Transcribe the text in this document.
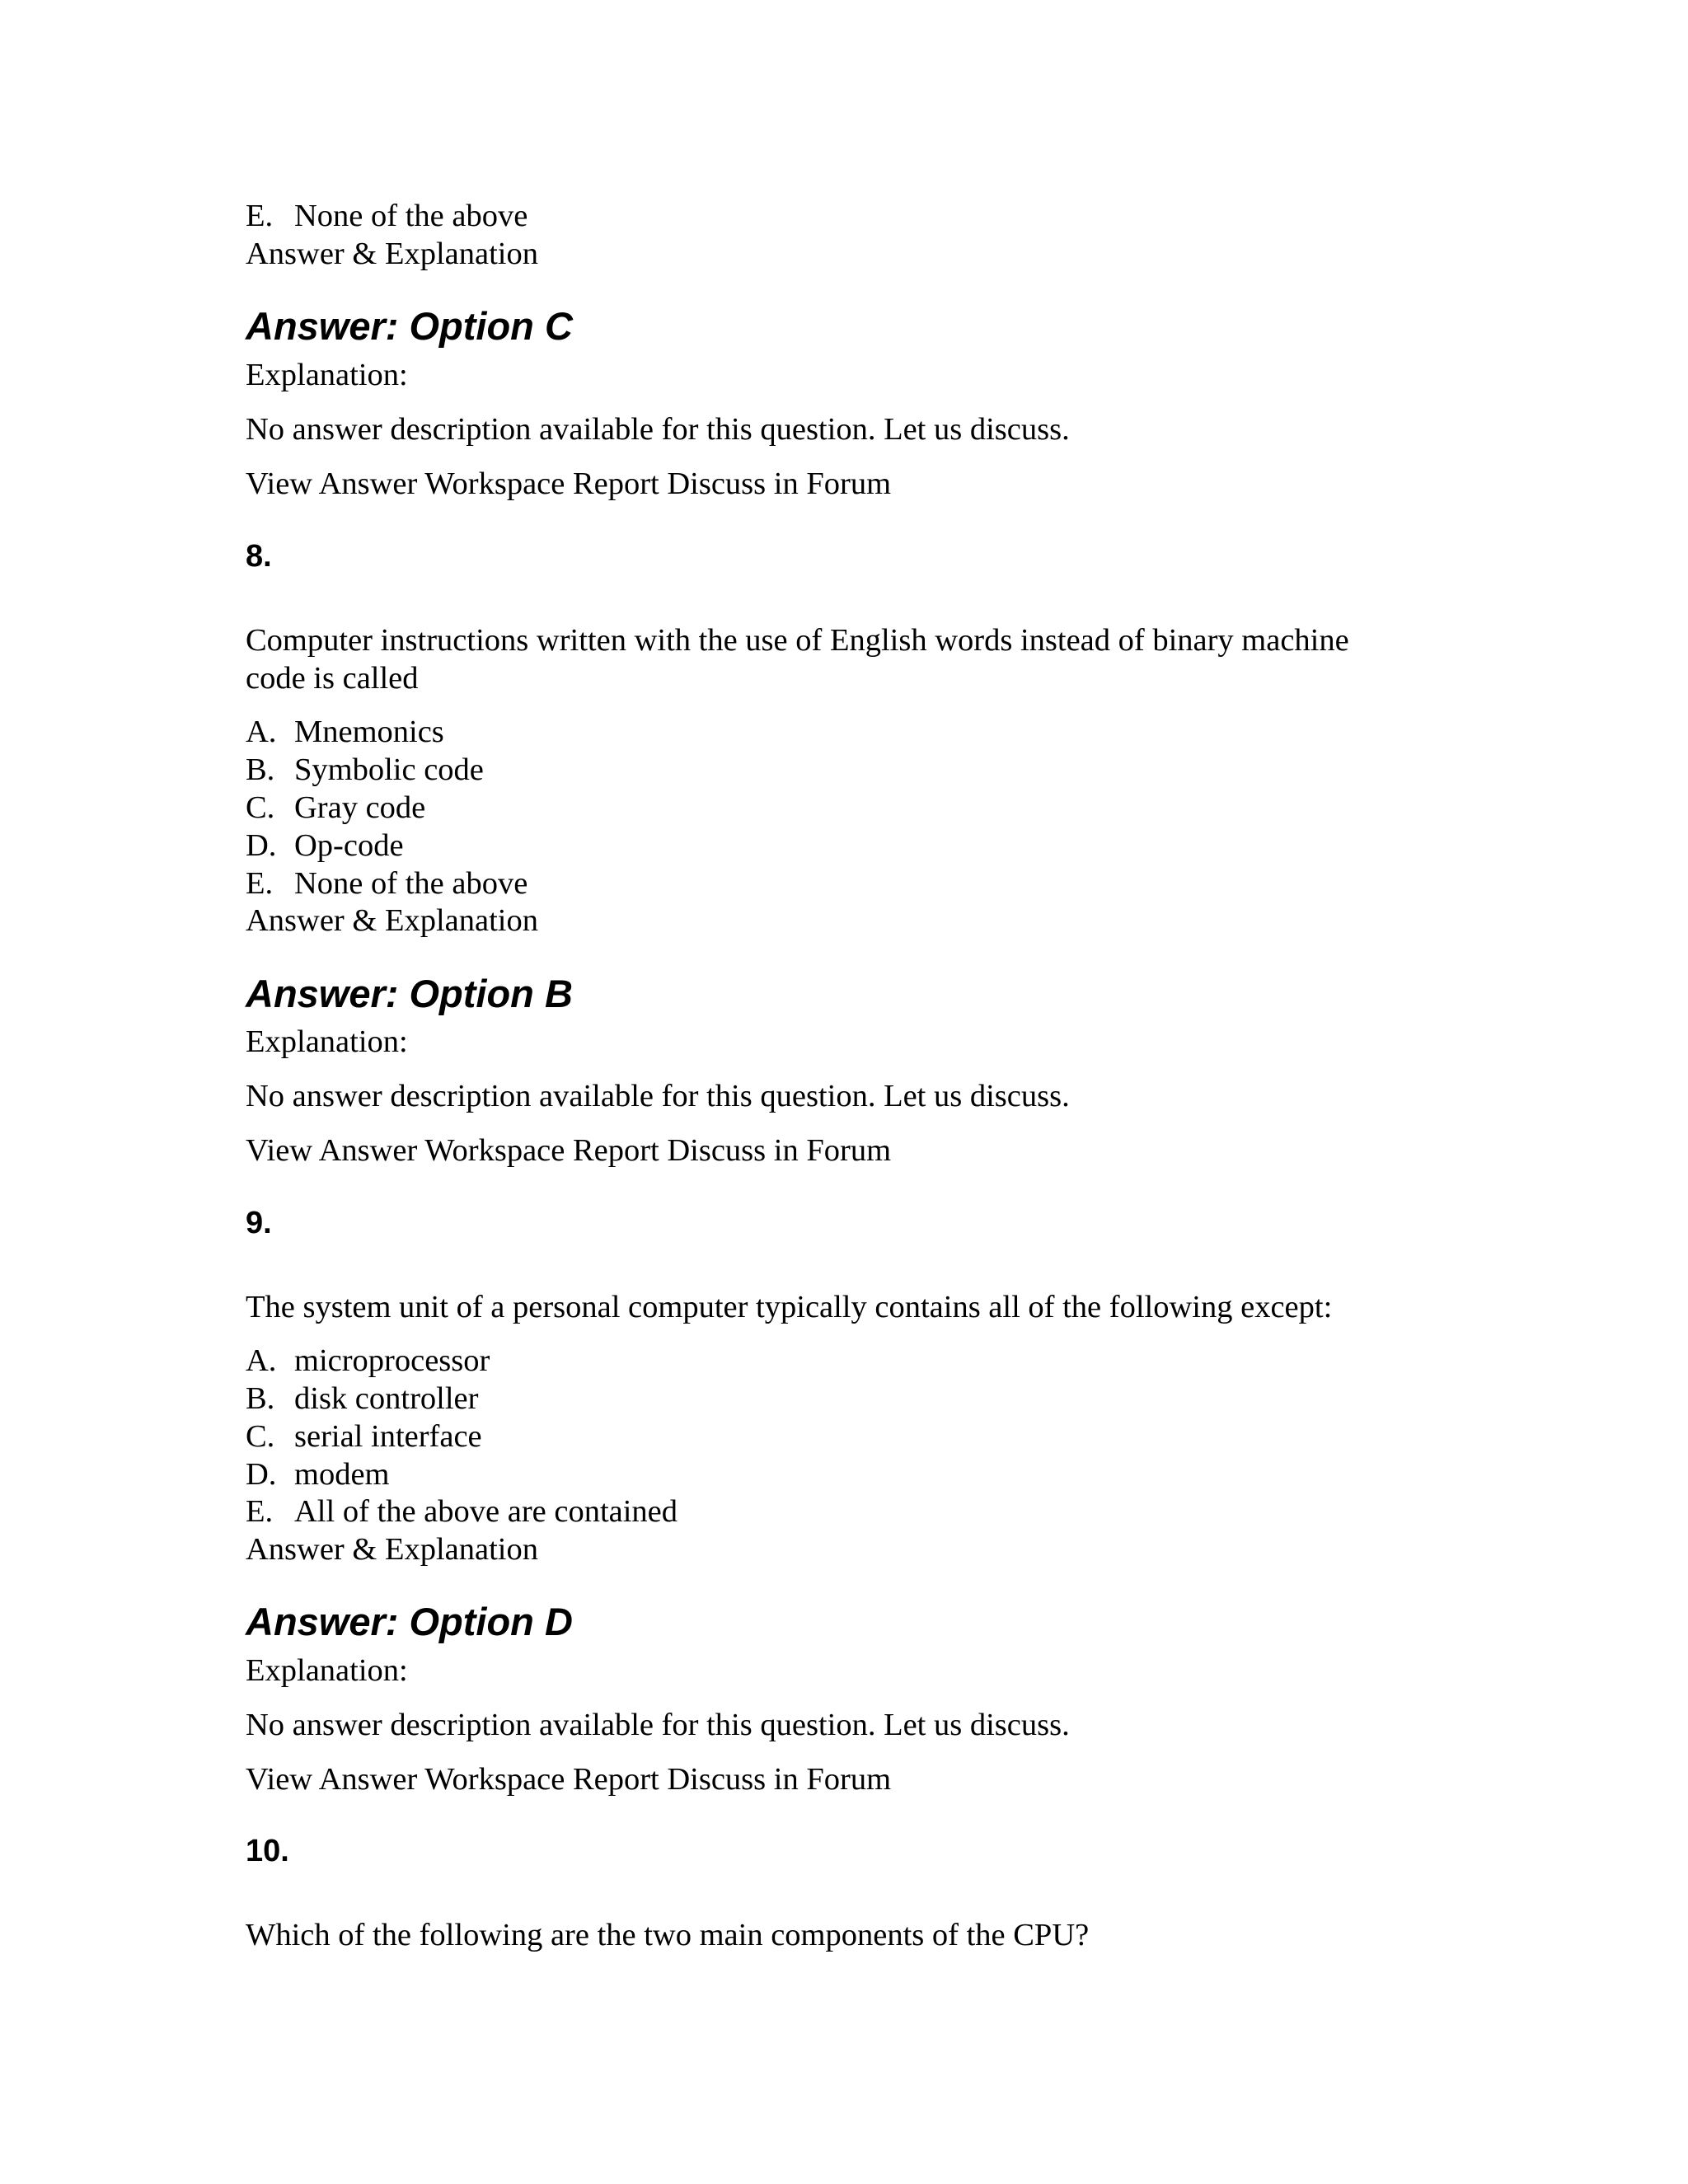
E. None of the above
Answer & Explanation
Answer: Option C
Explanation:
No answer description available for this question. Let us discuss.
View Answer Workspace Report Discuss in Forum
8.
Computer instructions written with the use of English words instead of binary machine
code is called
A. Mnemonics
B. Symbolic code
C. Gray code
D. Op-code
E. None of the above
Answer & Explanation
Answer: Option B
Explanation:
No answer description available for this question. Let us discuss.
View Answer Workspace Report Discuss in Forum
9.
The system unit of a personal computer typically contains all of the following except:
A. microprocessor
B. disk controller
C. serial interface
D. modem
E. All of the above are contained
Answer & Explanation
Answer: Option D
Explanation:
No answer description available for this question. Let us discuss.
View Answer Workspace Report Discuss in Forum
10.
Which of the following are the two main components of the CPU?
